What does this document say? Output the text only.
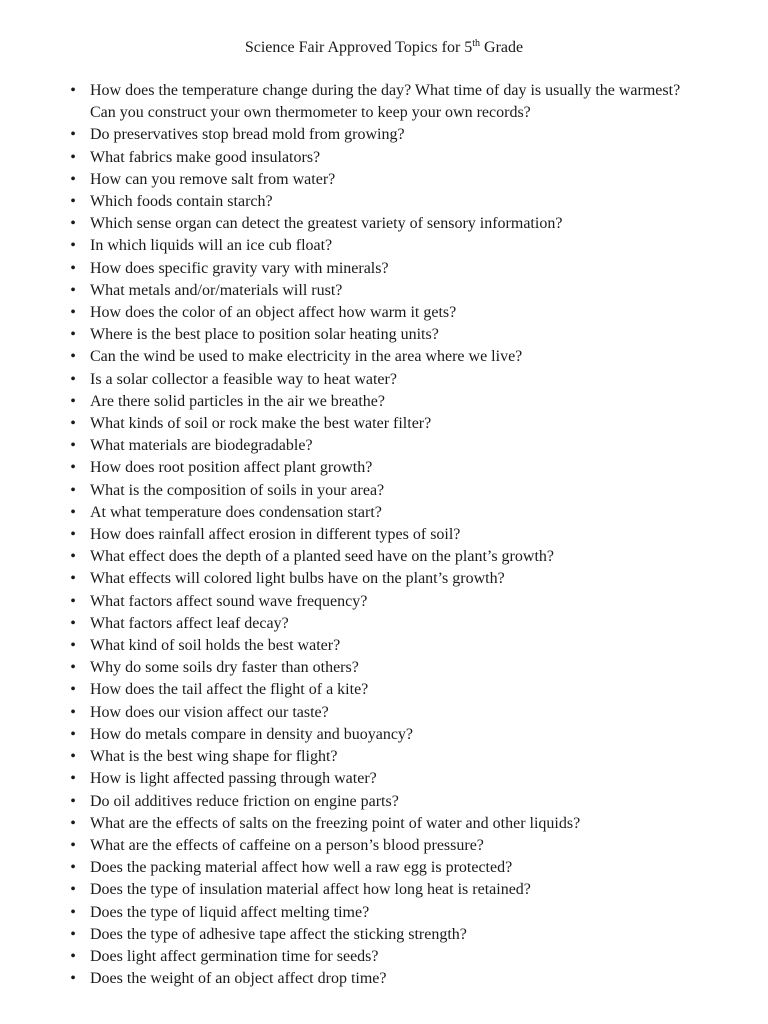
Science Fair Approved Topics for 5th Grade
• How does the temperature change during the day? What time of day is usually the warmest? Can you construct your own thermometer to keep your own records?
• Do preservatives stop bread mold from growing?
• What fabrics make good insulators?
• How can you remove salt from water?
• Which foods contain starch?
• Which sense organ can detect the greatest variety of sensory information?
• In which liquids will an ice cub float?
• How does specific gravity vary with minerals?
• What metals and/or/materials will rust?
• How does the color of an object affect how warm it gets?
• Where is the best place to position solar heating units?
• Can the wind be used to make electricity in the area where we live?
• Is a solar collector a feasible way to heat water?
• Are there solid particles in the air we breathe?
• What kinds of soil or rock make the best water filter?
• What materials are biodegradable?
• How does root position affect plant growth?
• What is the composition of soils in your area?
• At what temperature does condensation start?
• How does rainfall affect erosion in different types of soil?
• What effect does the depth of a planted seed have on the plant’s growth?
• What effects will colored light bulbs have on the plant’s growth?
• What factors affect sound wave frequency?
• What factors affect leaf decay?
• What kind of soil holds the best water?
• Why do some soils dry faster than others?
• How does the tail affect the flight of a kite?
• How does our vision affect our taste?
• How do metals compare in density and buoyancy?
• What is the best wing shape for flight?
• How is light affected passing through water?
• Do oil additives reduce friction on engine parts?
• What are the effects of salts on the freezing point of water and other liquids?
• What are the effects of caffeine on a person’s blood pressure?
• Does the packing material affect how well a raw egg is protected?
• Does the type of insulation material affect how long heat is retained?
• Does the type of liquid affect melting time?
• Does the type of adhesive tape affect the sticking strength?
• Does light affect germination time for seeds?
• Does the weight of an object affect drop time?
